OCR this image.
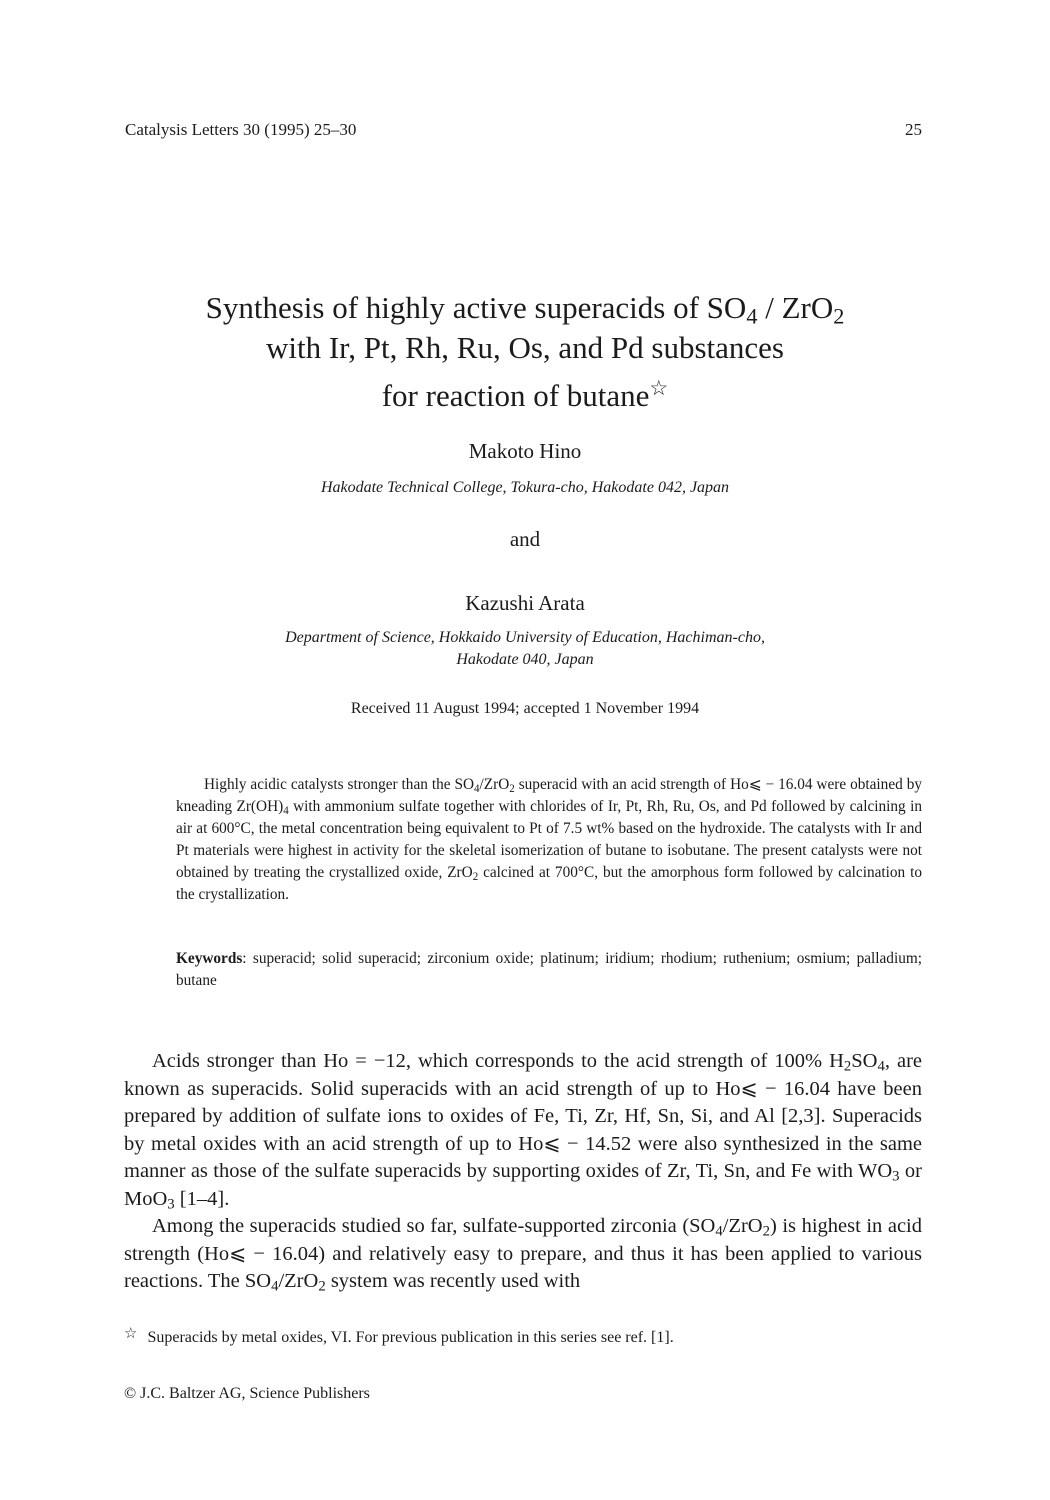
Catalysis Letters 30 (1995) 25–30	25
Synthesis of highly active superacids of $SO_4 / ZrO_2$
with Ir, Pt, Rh, Ru, Os, and Pd substances
for reaction of butane☆
Makoto Hino
Hakodate Technical College, Tokura-cho, Hakodate 042, Japan
and
Kazushi Arata
Department of Science, Hokkaido University of Education, Hachiman-cho,
Hakodate 040, Japan
Received 11 August 1994; accepted 1 November 1994

Highly acidic catalysts stronger than the $SO_4/ZrO_2$ superacid with an acid strength of Ho⩽ − 16.04 were obtained by kneading $Zr(OH)_4$ with ammonium sulfate together with chlorides of Ir, Pt, Rh, Ru, Os, and Pd followed by calcining in air at 600°C, the metal concentration being equivalent to Pt of 7.5 wt% based on the hydroxide. The catalysts with Ir and Pt materials were highest in activity for the skeletal isomerization of butane to isobutane. The present catalysts were not obtained by treating the crystallized oxide, ZrO$_2$ calcined at 700°C, but the amorphous form followed by calcination to the crystallization.

Keywords: superacid; solid superacid; zirconium oxide; platinum; iridium; rhodium; ruthenium; osmium; palladium; butane

Acids stronger than Ho = −12, which corresponds to the acid strength of 100% $H_2SO_4$, are known as superacids. Solid superacids with an acid strength of up to Ho⩽ − 16.04 have been prepared by addition of sulfate ions to oxides of Fe, Ti, Zr, Hf, Sn, Si, and Al [2,3]. Superacids by metal oxides with an acid strength of up to Ho⩽ − 14.52 were also synthesized in the same manner as those of the sulfate superacids by supporting oxides of Zr, Ti, Sn, and Fe with $WO_3$ or MoO$_3$ [1–4].

Among the superacids studied so far, sulfate-supported zirconia $(SO_4/ZrO_2)$ is highest in acid strength (Ho⩽ − 16.04) and relatively easy to prepare, and thus it has been applied to various reactions. The $SO_4/ZrO_2$ system was recently used with

☆ Superacids by metal oxides, VI. For previous publication in this series see ref. [1].
© J.C. Baltzer AG, Science Publishers
